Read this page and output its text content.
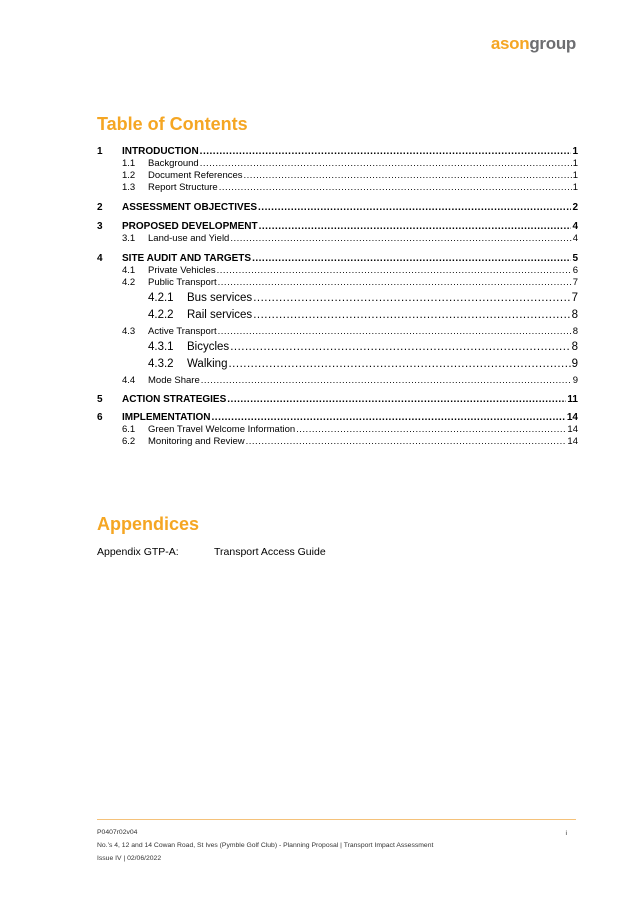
asongroup
Table of Contents
1 INTRODUCTION .....	1
1.1 Background .....	1
1.2 Document References .....	1
1.3 Report Structure .....	1
2 ASSESSMENT OBJECTIVES .....	2
3 PROPOSED DEVELOPMENT .....	4
3.1 Land-use and Yield .....	4
4 SITE AUDIT AND TARGETS .....	5
4.1 Private Vehicles .....	6
4.2 Public Transport .....	7
4.2.1 Bus services .....	7
4.2.2 Rail services .....	8
4.3 Active Transport .....	8
4.3.1 Bicycles .....	8
4.3.2 Walking .....	9
4.4 Mode Share .....	9
5 ACTION STRATEGIES .....	11
6 IMPLEMENTATION .....	14
6.1 Green Travel Welcome Information .....	14
6.2 Monitoring and Review .....	14
Appendices
Appendix GTP-A:	Transport Access Guide
P0407r02v04
No.’s 4, 12 and 14 Cowan Road, St Ives (Pymble Golf Club) - Planning Proposal | Transport Impact Assessment
Issue IV | 02/06/2022
i
